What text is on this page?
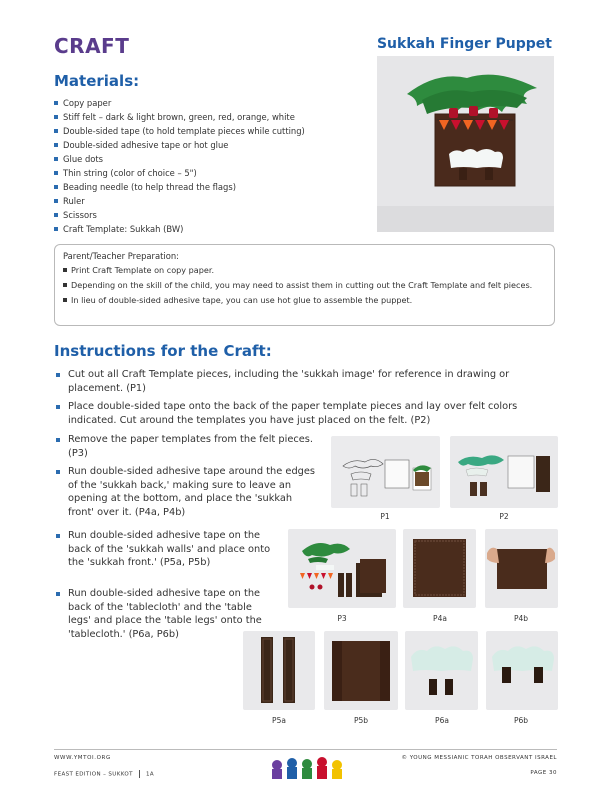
CRAFT	Sukkah Finger Puppet
Materials:
Copy paper
Stiff felt – dark & light brown, green, red, orange, white
Double-sided tape (to hold template pieces while cutting)
Double-sided adhesive tape or hot glue
Glue dots
Thin string (color of choice – 5")
Beading needle (to help thread the flags)
Ruler
Scissors
Craft Template: Sukkah (BW)
Parent/Teacher Preparation:
Print Craft Template on copy paper.
Depending on the skill of the child, you may need to assist them in cutting out the Craft Template and felt pieces.
In lieu of double-sided adhesive tape, you can use hot glue to assemble the puppet.
Instructions for the Craft:
Cut out all Craft Template pieces, including the 'sukkah image' for reference in drawing or placement. (P1)
Place double-sided tape onto the back of the paper template pieces and lay over felt colors indicated. Cut around the templates you have just placed on the felt. (P2)
Remove the paper templates from the felt pieces. (P3)
Run double-sided adhesive tape around the edges of the 'sukkah back,' making sure to leave an opening at the bottom, and place the 'sukkah front' over it. (P4a, P4b)
Run double-sided adhesive tape on the back of the 'sukkah walls' and place onto the 'sukkah front.' (P5a, P5b)
Run double-sided adhesive tape on the back of the 'tablecloth' and the 'table legs' and place the 'table legs' onto the 'tablecloth.' (P6a, P6b)
P1	P2
P3	P4a	P4b
P5a	P5b	P6a	P6b
WWW.YMTOI.ORG
FEAST EDITION – SUKKOT 1A
© YOUNG MESSIANIC TORAH OBSERVANT ISRAEL
PAGE 30
